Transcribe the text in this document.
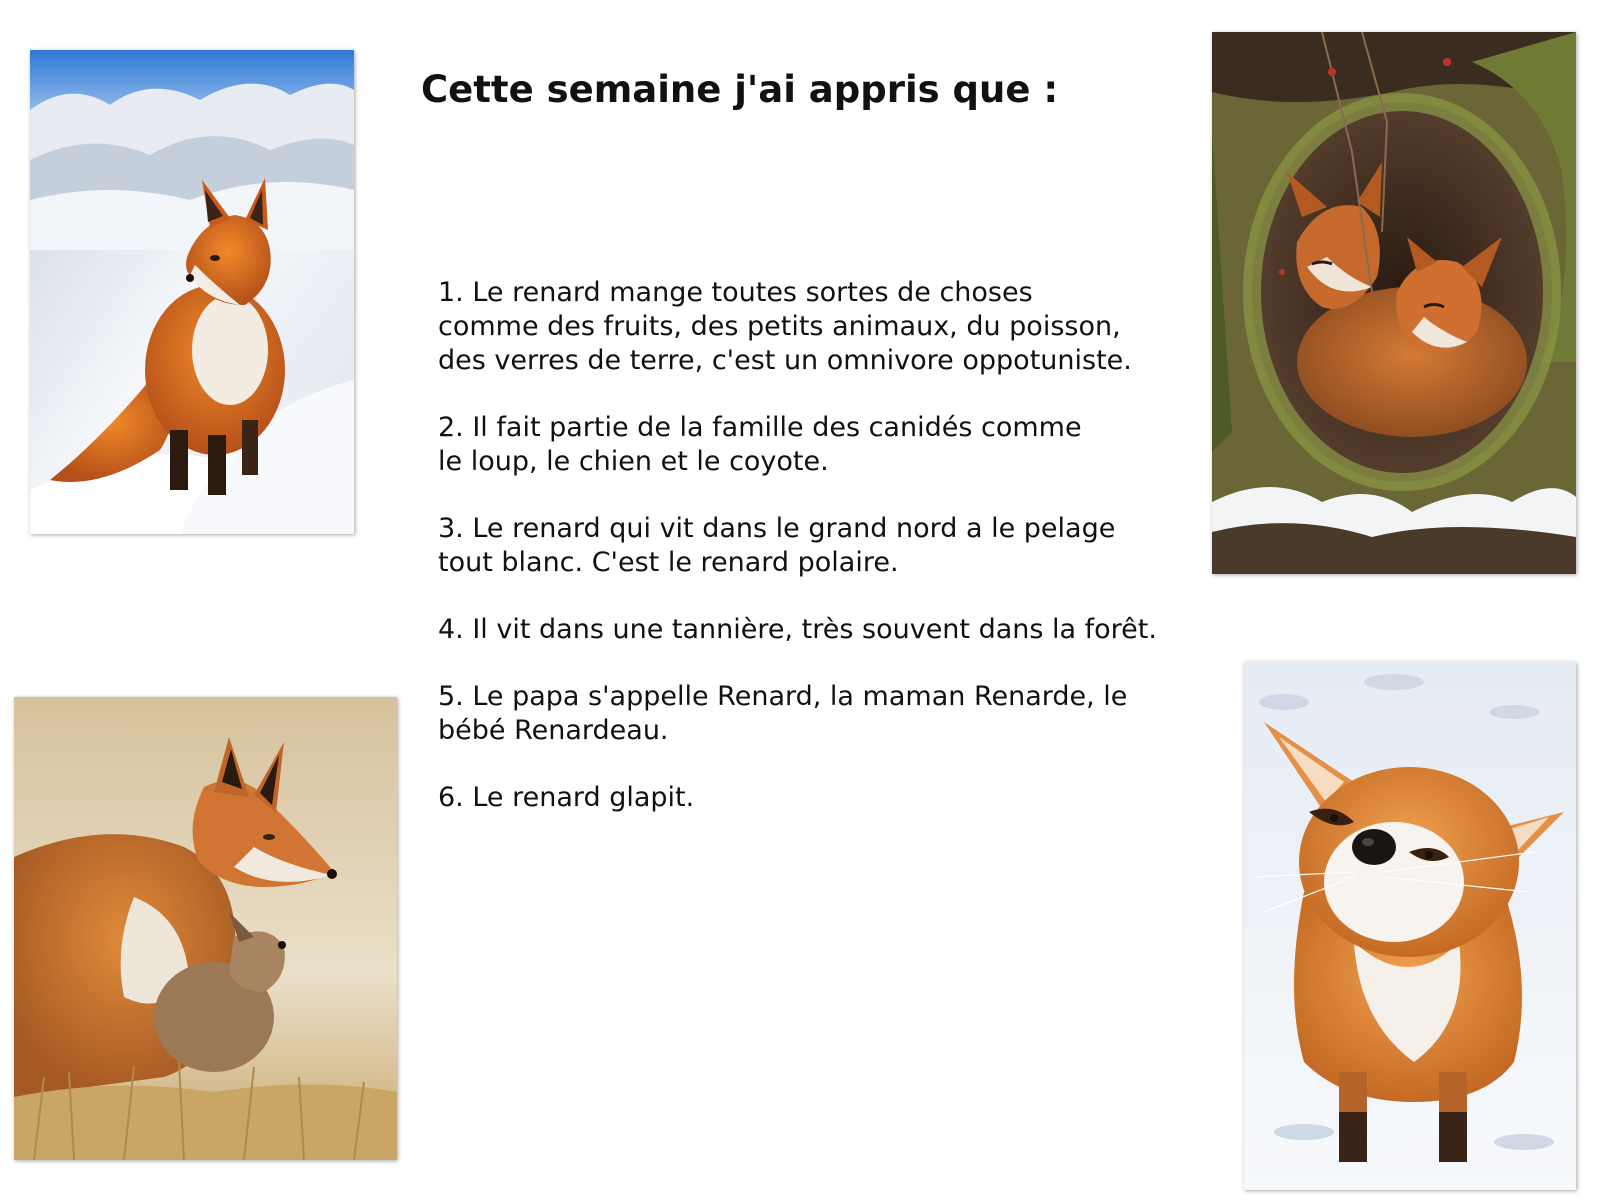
Cette semaine j'ai appris que :
1. Le renard mange toutes sortes de choses
comme des fruits, des petits animaux, du poisson,
des verres de terre, c'est un omnivore oppotuniste.
2. Il fait partie de la famille des canidés comme
le loup, le chien et le coyote.
3. Le renard qui vit dans le grand nord a le pelage
tout blanc. C'est le renard polaire.
4. Il vit dans une tannière, très souvent dans la forêt.
5. Le papa s'appelle Renard, la maman Renarde, le
bébé Renardeau.
6. Le renard glapit.
